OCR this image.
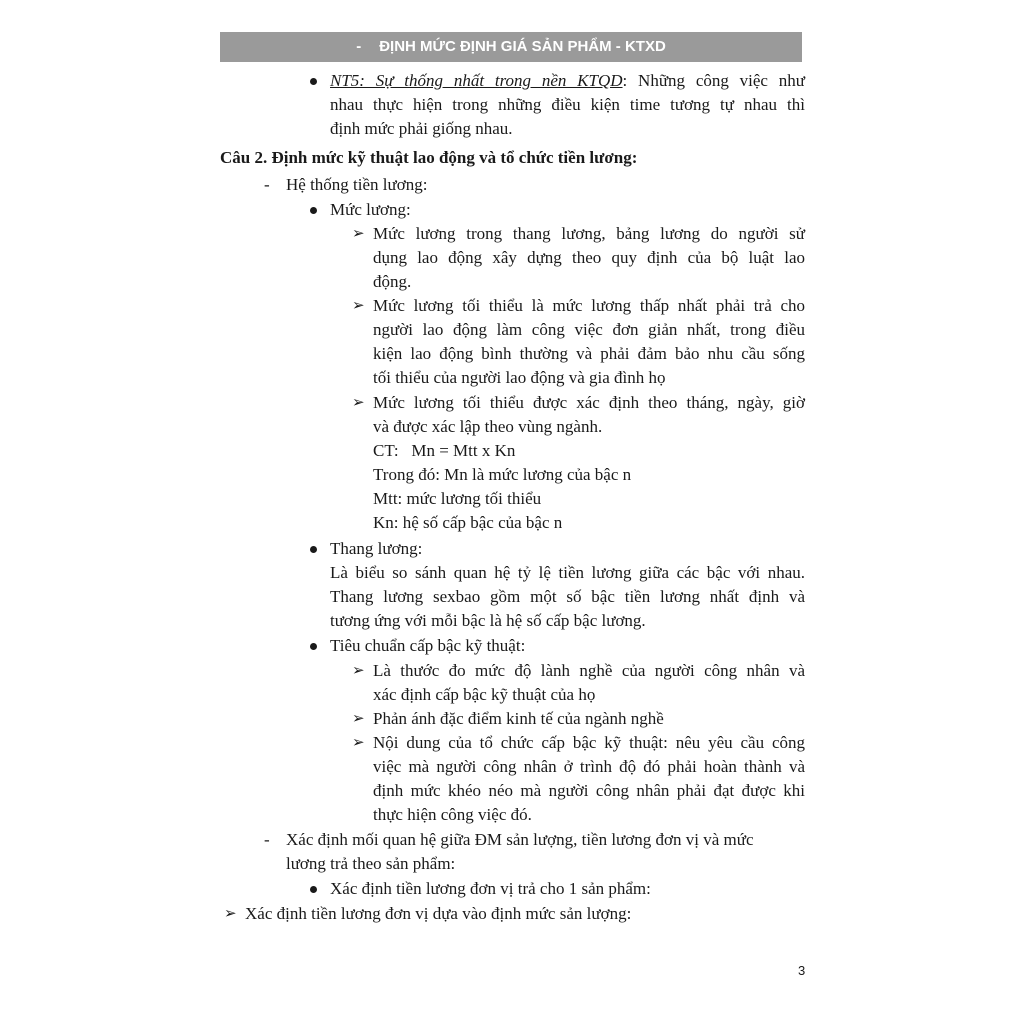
- ĐỊNH MỨC ĐỊNH GIÁ SẢN PHẨM - KTXD
NT5: Sự thống nhất trong nền KTQD: Những công việc như
nhau thực hiện trong những điều kiện time tương tự nhau thì
định mức phải giống nhau.
Câu 2. Định mức kỹ thuật lao động và tổ chức tiền lương:
- Hệ thống tiền lương:
Mức lương:
➢ Mức lương trong thang lương, bảng lương do người sử
dụng lao động xây dựng theo quy định của bộ luật lao
động.
➢ Mức lương tối thiểu là mức lương thấp nhất phải trả cho
người lao động làm công việc đơn giản nhất, trong điều
kiện lao động bình thường và phải đảm bảo nhu cầu sống
tối thiểu của người lao động và gia đình họ
➢ Mức lương tối thiểu được xác định theo tháng, ngày, giờ
và được xác lập theo vùng ngành.
CT:   Mn = Mtt x Kn
Trong đó: Mn là mức lương của bậc n
Mtt: mức lương tối thiểu
Kn: hệ số cấp bậc của bậc n
Thang lương:
Là biểu so sánh quan hệ tỷ lệ tiền lương giữa các bậc với nhau.
Thang lương sexbao gồm một số bậc tiền lương nhất định và
tương ứng với mỗi bậc là hệ số cấp bậc lương.
Tiêu chuẩn cấp bậc kỹ thuật:
➢ Là thước đo mức độ lành nghề của người công nhân và
xác định cấp bậc kỹ thuật của họ
➢ Phản ánh đặc điểm kinh tế của ngành nghề
➢ Nội dung của tổ chức cấp bậc kỹ thuật: nêu yêu cầu công
việc mà người công nhân ở trình độ đó phải hoàn thành và
định mức khéo néo mà người công nhân phải đạt được khi
thực hiện công việc đó.
- Xác định mối quan hệ giữa ĐM sản lượng, tiền lương đơn vị và mức
lương trả theo sản phẩm:
Xác định tiền lương đơn vị trả cho 1 sản phẩm:
➢ Xác định tiền lương đơn vị dựa vào định mức sản lượng:
3
